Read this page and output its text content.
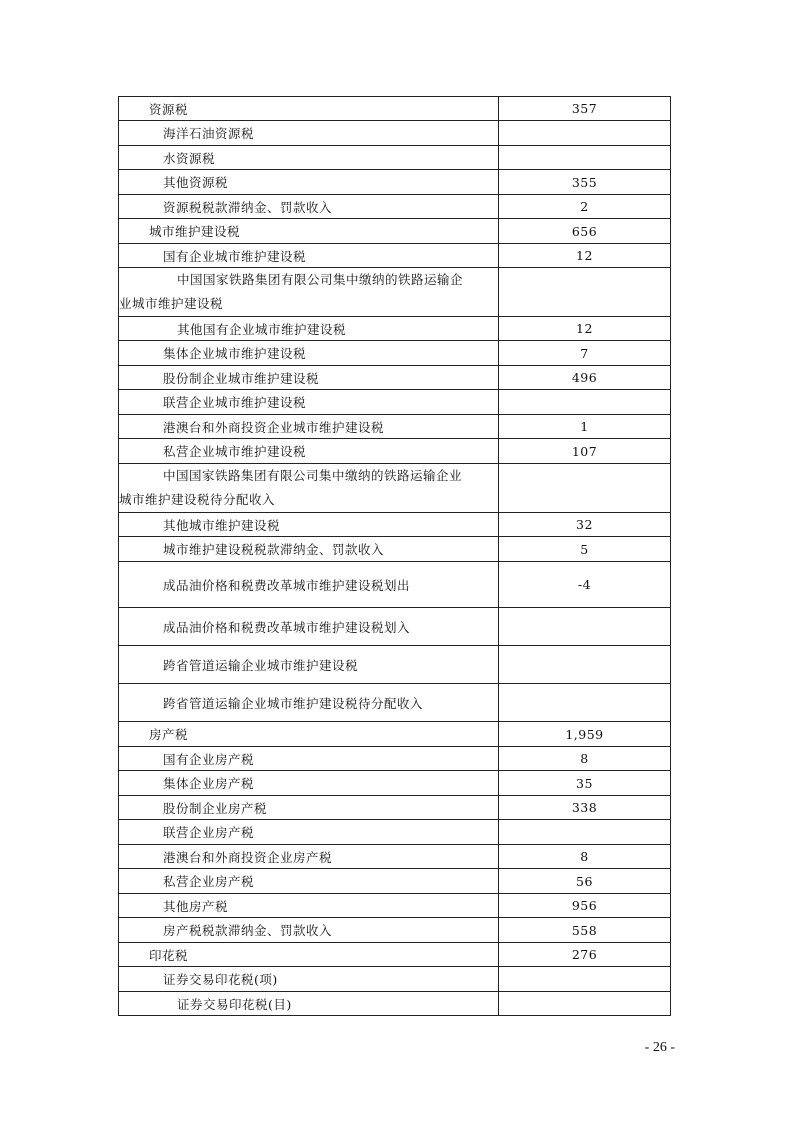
资源税	357
海洋石油资源税	
水资源税	
其他资源税	355
资源税税款滞纳金、罚款收入	2
城市维护建设税	656
国有企业城市维护建设税	12

中国国家铁路集团有限公司集中缴纳的铁路运输企
业城市维护建设税	

其他国有企业城市维护建设税	12
集体企业城市维护建设税	7
股份制企业城市维护建设税	496
联营企业城市维护建设税	
港澳台和外商投资企业城市维护建设税	1
私营企业城市维护建设税	107

中国国家铁路集团有限公司集中缴纳的铁路运输企业
城市维护建设税待分配收入	

其他城市维护建设税	32
城市维护建设税税款滞纳金、罚款收入	5
成品油价格和税费改革城市维护建设税划出	-4
成品油价格和税费改革城市维护建设税划入	
跨省管道运输企业城市维护建设税	
跨省管道运输企业城市维护建设税待分配收入	
房产税	1,959
国有企业房产税	8
集体企业房产税	35
股份制企业房产税	338
联营企业房产税	
港澳台和外商投资企业房产税	8
私营企业房产税	56
其他房产税	956
房产税税款滞纳金、罚款收入	558
印花税	276
证券交易印花税(项)	
证券交易印花税(目)	
- 26 -
